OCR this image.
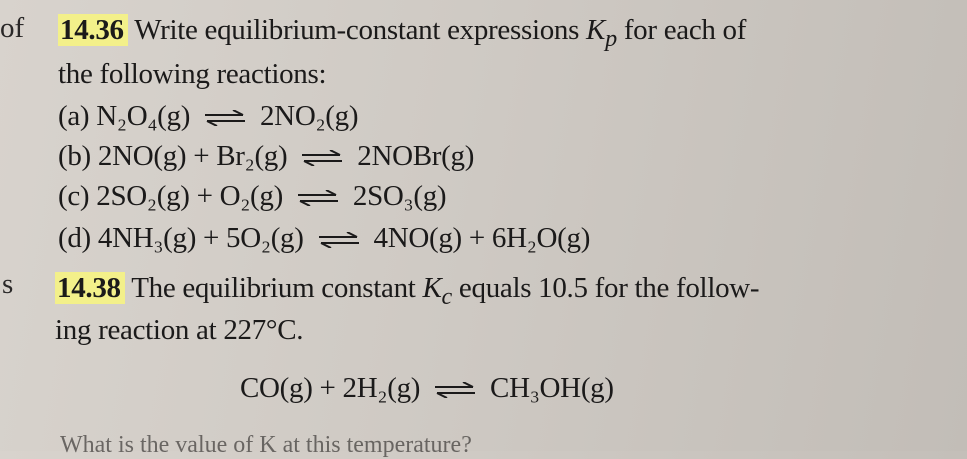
of
s
14.36 Write equilibrium-constant expressions $K_p$ for each of
the following reactions:
(a) N₂O₄(g) ⇌ 2NO₂(g)
(b) 2NO(g) + Br₂(g) ⇌ 2NOBr(g)
(c) 2SO₂(g) + O₂(g) ⇌ 2SO₃(g)
(d) 4NH₃(g) + 5O₂(g) ⇌ 4NO(g) + 6H₂O(g)
14.38 The equilibrium constant $K_c$ equals 10.5 for the follow-
ing reaction at 227°C.
CO(g) + 2H₂(g) ⇌ CH₃OH(g)
What is the value of K at this temperature?
